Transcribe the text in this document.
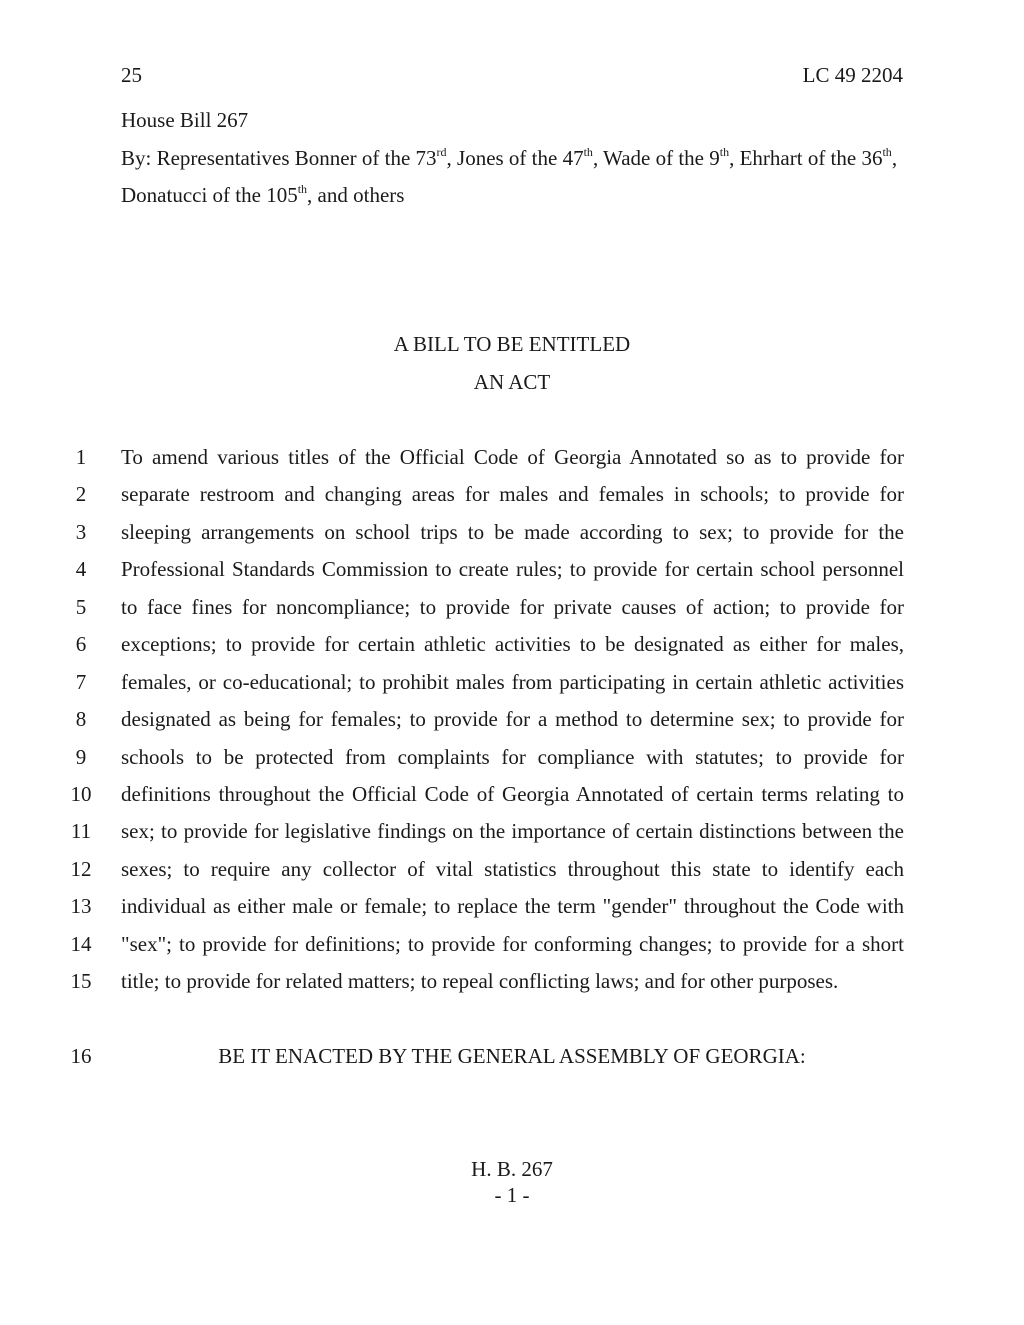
25	LC 49 2204
House Bill 267
By: Representatives Bonner of the 73rd, Jones of the 47th, Wade of the 9th, Ehrhart of the 36th,
Donatucci of the 105th, and others
A BILL TO BE ENTITLED
AN ACT
1	To amend various titles of the Official Code of Georgia Annotated so as to provide for
2	separate restroom and changing areas for males and females in schools; to provide for
3	sleeping arrangements on school trips to be made according to sex; to provide for the
4	Professional Standards Commission to create rules; to provide for certain school personnel
5	to face fines for noncompliance; to provide for private causes of action; to provide for
6	exceptions; to provide for certain athletic activities to be designated as either for males,
7	females, or co-educational; to prohibit males from participating in certain athletic activities
8	designated as being for females; to provide for a method to determine sex; to provide for
9	schools to be protected from complaints for compliance with statutes; to provide for
10 definitions throughout the Official Code of Georgia Annotated of certain terms relating to
11 sex; to provide for legislative findings on the importance of certain distinctions between the
12 sexes; to require any collector of vital statistics throughout this state to identify each
13 individual as either male or female; to replace the term "gender" throughout the Code with
14 "sex"; to provide for definitions; to provide for conforming changes; to provide for a short
15 title; to provide for related matters; to repeal conflicting laws; and for other purposes.
16	BE IT ENACTED BY THE GENERAL ASSEMBLY OF GEORGIA:
H. B. 267
- 1 -
